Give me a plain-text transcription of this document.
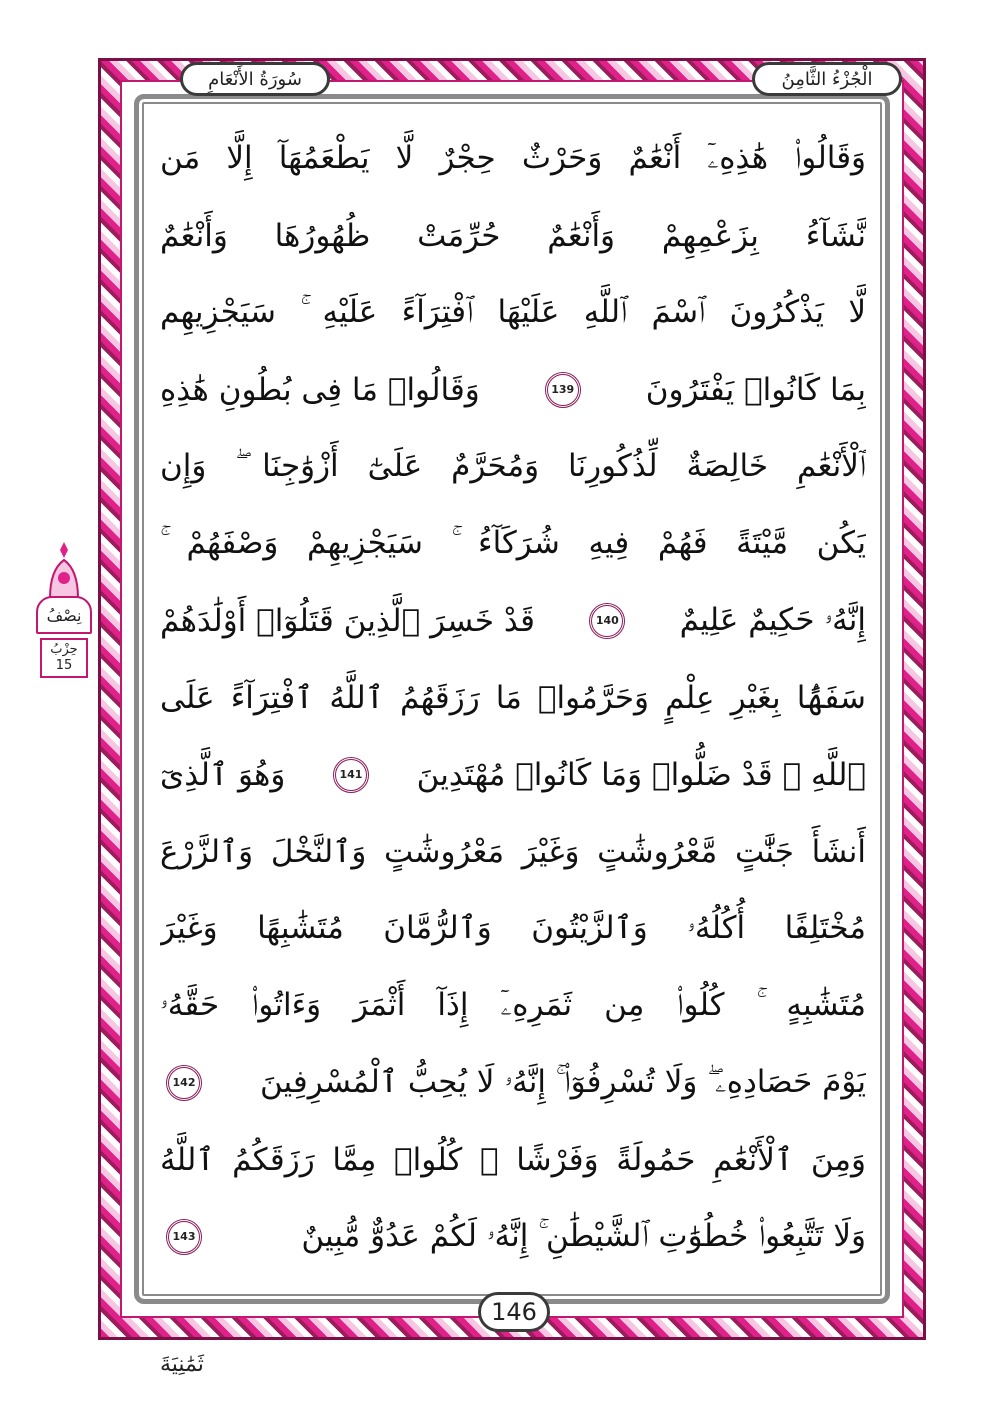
الْجُزْءُ الثَّامِنُ
سُورَةُ الأَنْعَامِ
وَقَالُوا۟ هَٰذِهِۦٓ أَنْعَٰمٌ وَحَرْثٌ حِجْرٌ لَّا يَطْعَمُهَآ إِلَّا مَن
نَّشَآءُ بِزَعْمِهِمْ وَأَنْعَٰمٌ حُرِّمَتْ ظُهُورُهَا وَأَنْعَٰمٌ
لَّا يَذْكُرُونَ ٱسْمَ ٱللَّهِ عَلَيْهَا ٱفْتِرَآءً عَلَيْهِ ۚ سَيَجْزِيهِم
بِمَا كَانُوا۟ يَفْتَرُونَ
139
وَقَالُوا۟ مَا فِى بُطُونِ هَٰذِهِ
ٱلْأَنْعَٰمِ خَالِصَةٌ لِّذُكُورِنَا وَمُحَرَّمٌ عَلَىٰٓ أَزْوَٰجِنَا ۖ وَإِن
يَكُن مَّيْتَةً فَهُمْ فِيهِ شُرَكَآءُ ۚ سَيَجْزِيهِمْ وَصْفَهُمْ ۚ
إِنَّهُۥ حَكِيمٌ عَلِيمٌ
140
قَدْ خَسِرَ ٱلَّذِينَ قَتَلُوٓا۟ أَوْلَٰدَهُمْ
سَفَهًۢا بِغَيْرِ عِلْمٍ وَحَرَّمُوا۟ مَا رَزَقَهُمُ ٱللَّهُ ٱفْتِرَآءً عَلَى
ٱللَّهِ ۚ قَدْ ضَلُّوا۟ وَمَا كَانُوا۟ مُهْتَدِينَ
141
وَهُوَ ٱلَّذِىٓ
أَنشَأَ جَنَّٰتٍ مَّعْرُوشَٰتٍ وَغَيْرَ مَعْرُوشَٰتٍ وَٱلنَّخْلَ وَٱلزَّرْعَ
مُخْتَلِفًا أُكُلُهُۥ وَٱلزَّيْتُونَ وَٱلرُّمَّانَ مُتَشَٰبِهًا وَغَيْرَ
مُتَشَٰبِهٍ ۚ كُلُوا۟ مِن ثَمَرِهِۦٓ إِذَآ أَثْمَرَ وَءَاتُوا۟ حَقَّهُۥ
يَوْمَ حَصَادِهِۦ ۖ وَلَا تُسْرِفُوٓا۟ ۚ إِنَّهُۥ لَا يُحِبُّ ٱلْمُسْرِفِينَ
142
وَمِنَ ٱلْأَنْعَٰمِ حَمُولَةً وَفَرْشًا ۚ كُلُوا۟ مِمَّا رَزَقَكُمُ ٱللَّهُ
وَلَا تَتَّبِعُوا۟ خُطُوَٰتِ ٱلشَّيْطَٰنِ ۚ إِنَّهُۥ لَكُمْ عَدُوٌّ مُّبِينٌ
143
نِصْفُ
حِزْبُ
15
146
ثَمَٰنِيَةَ
